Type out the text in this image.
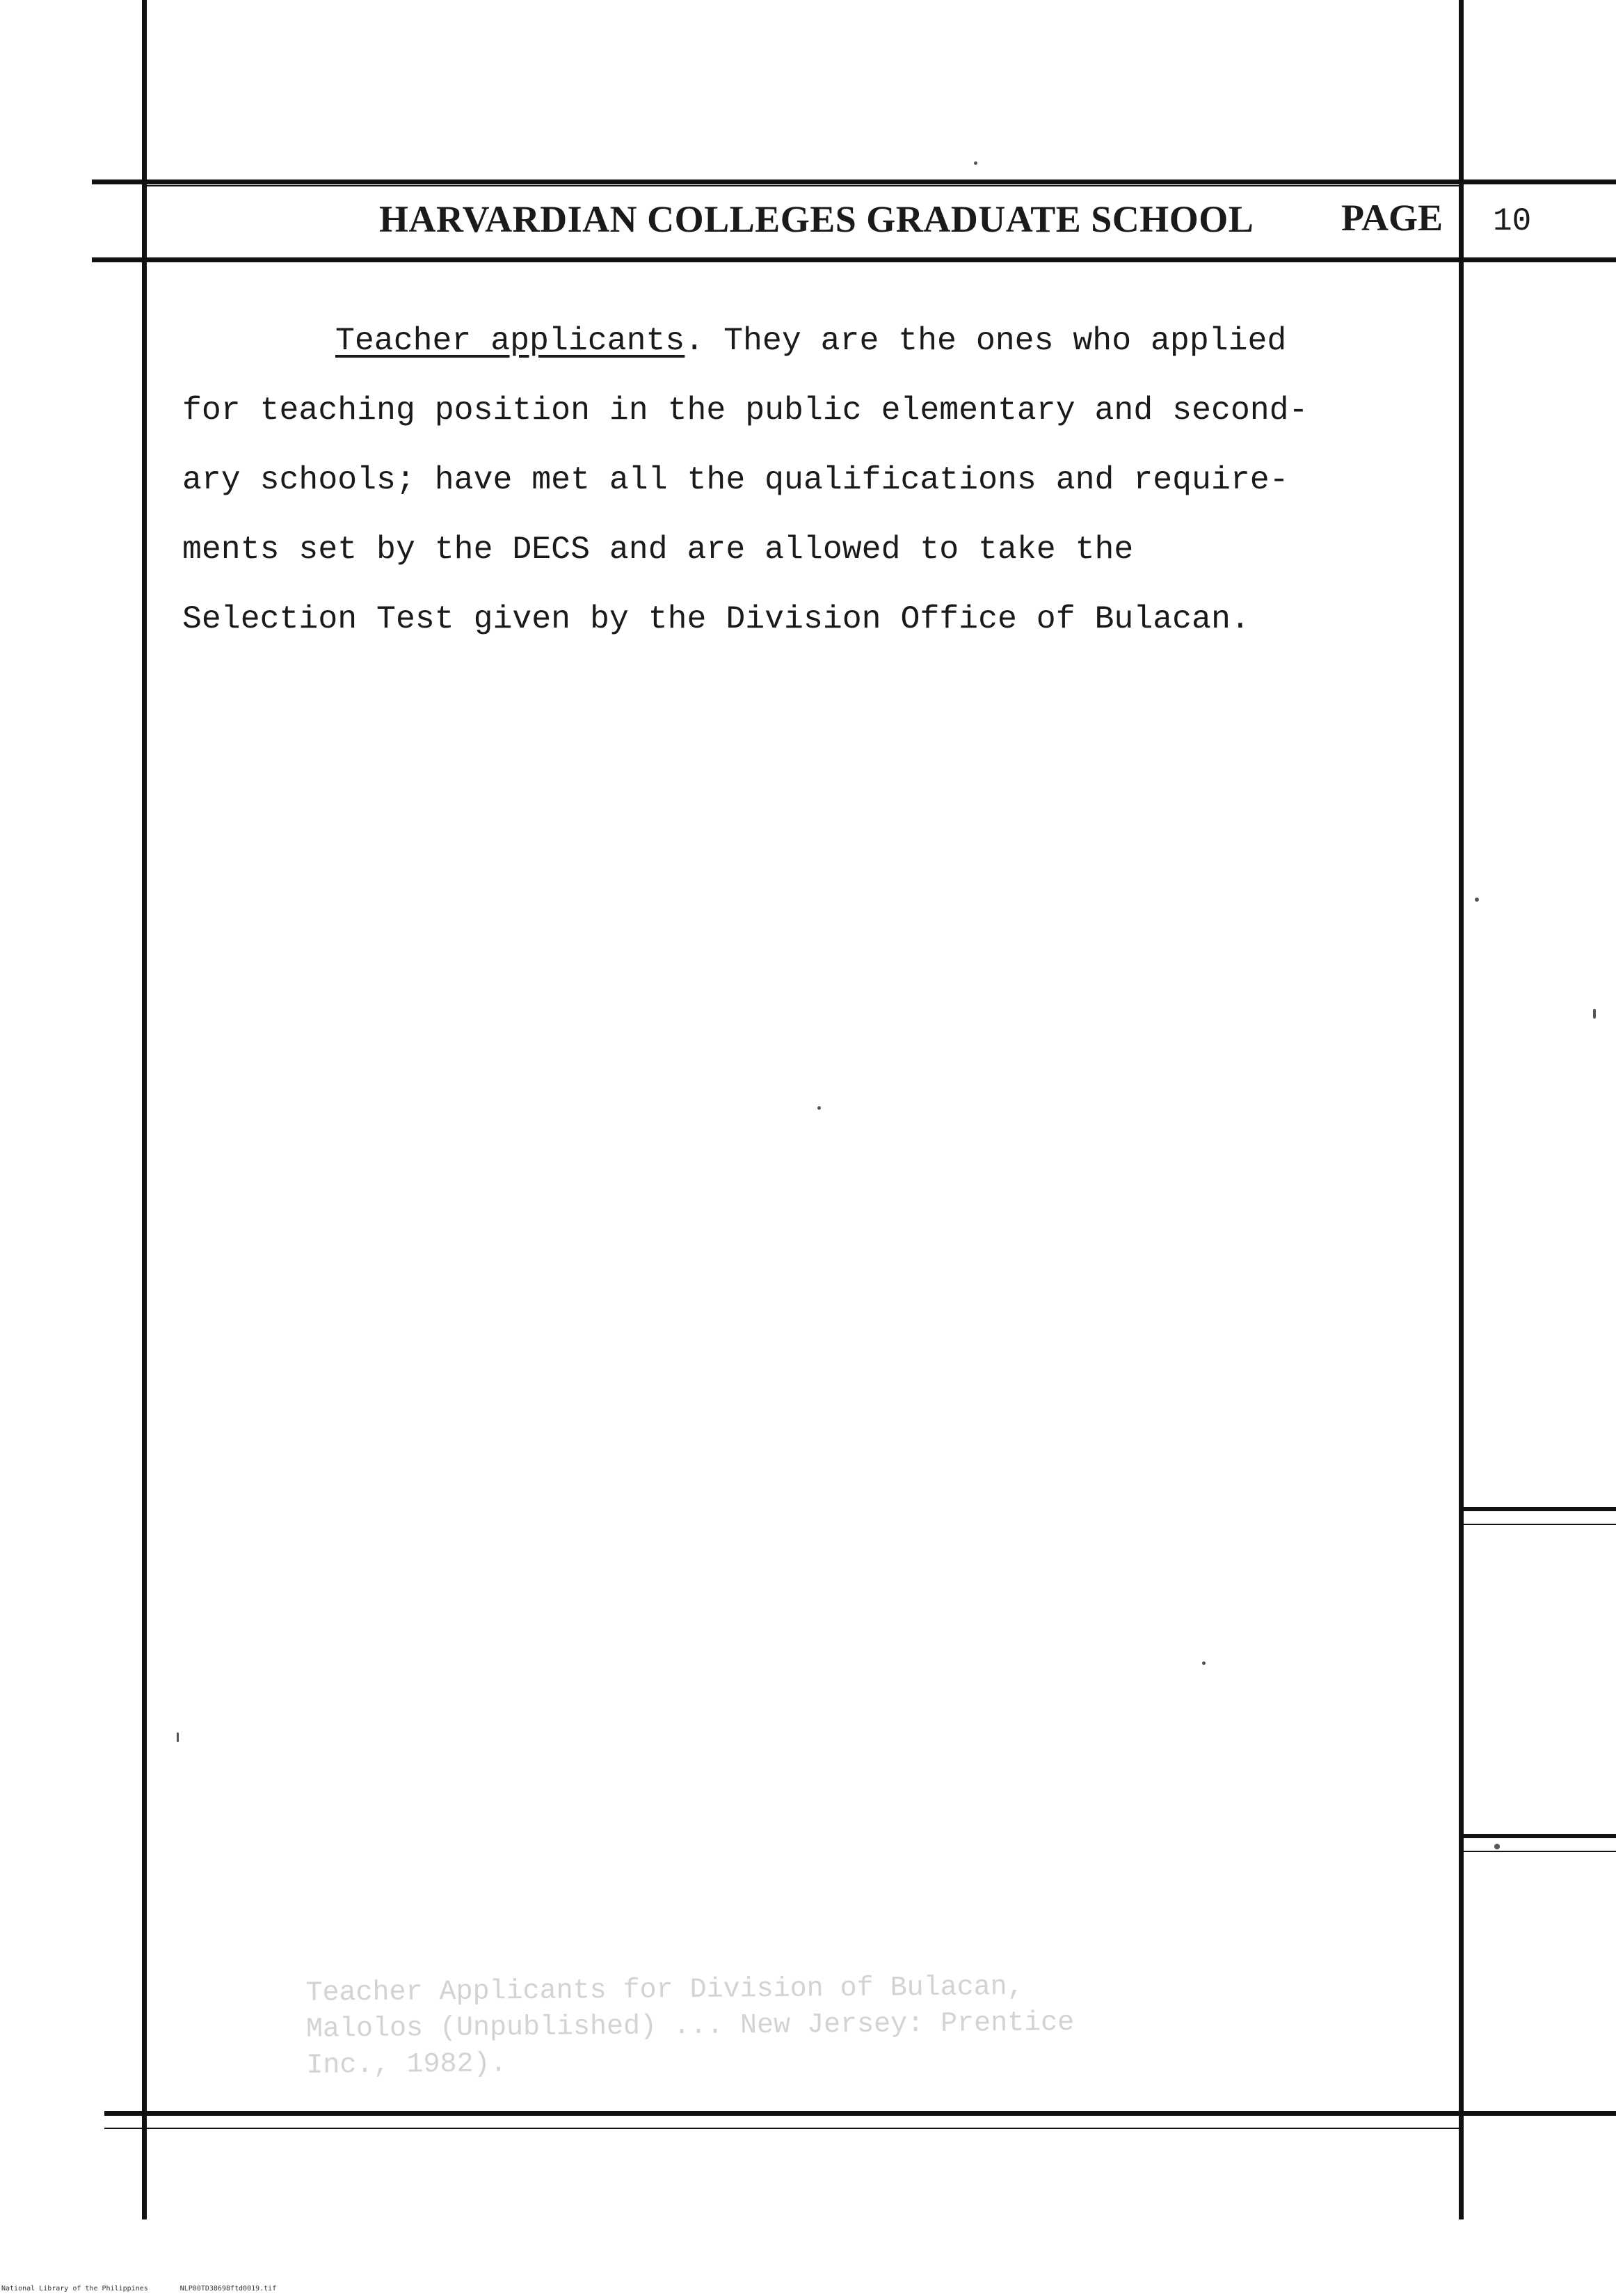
HARVARDIAN COLLEGES GRADUATE SCHOOL PAGE 10
Teacher applicants. They are the ones who applied
for teaching position in the public elementary and second-
ary schools; have met all the qualifications and require-
ments set by the DECS and are allowed to take the
Selection Test given by the Division Office of Bulacan.
Teacher Applicants for Division of Bulacan,
Malolos (Unpublished) ... New Jersey: Prentice
Inc., 1982).
National Library of the Philippines	NLP00TD38698ftd0019.tif
